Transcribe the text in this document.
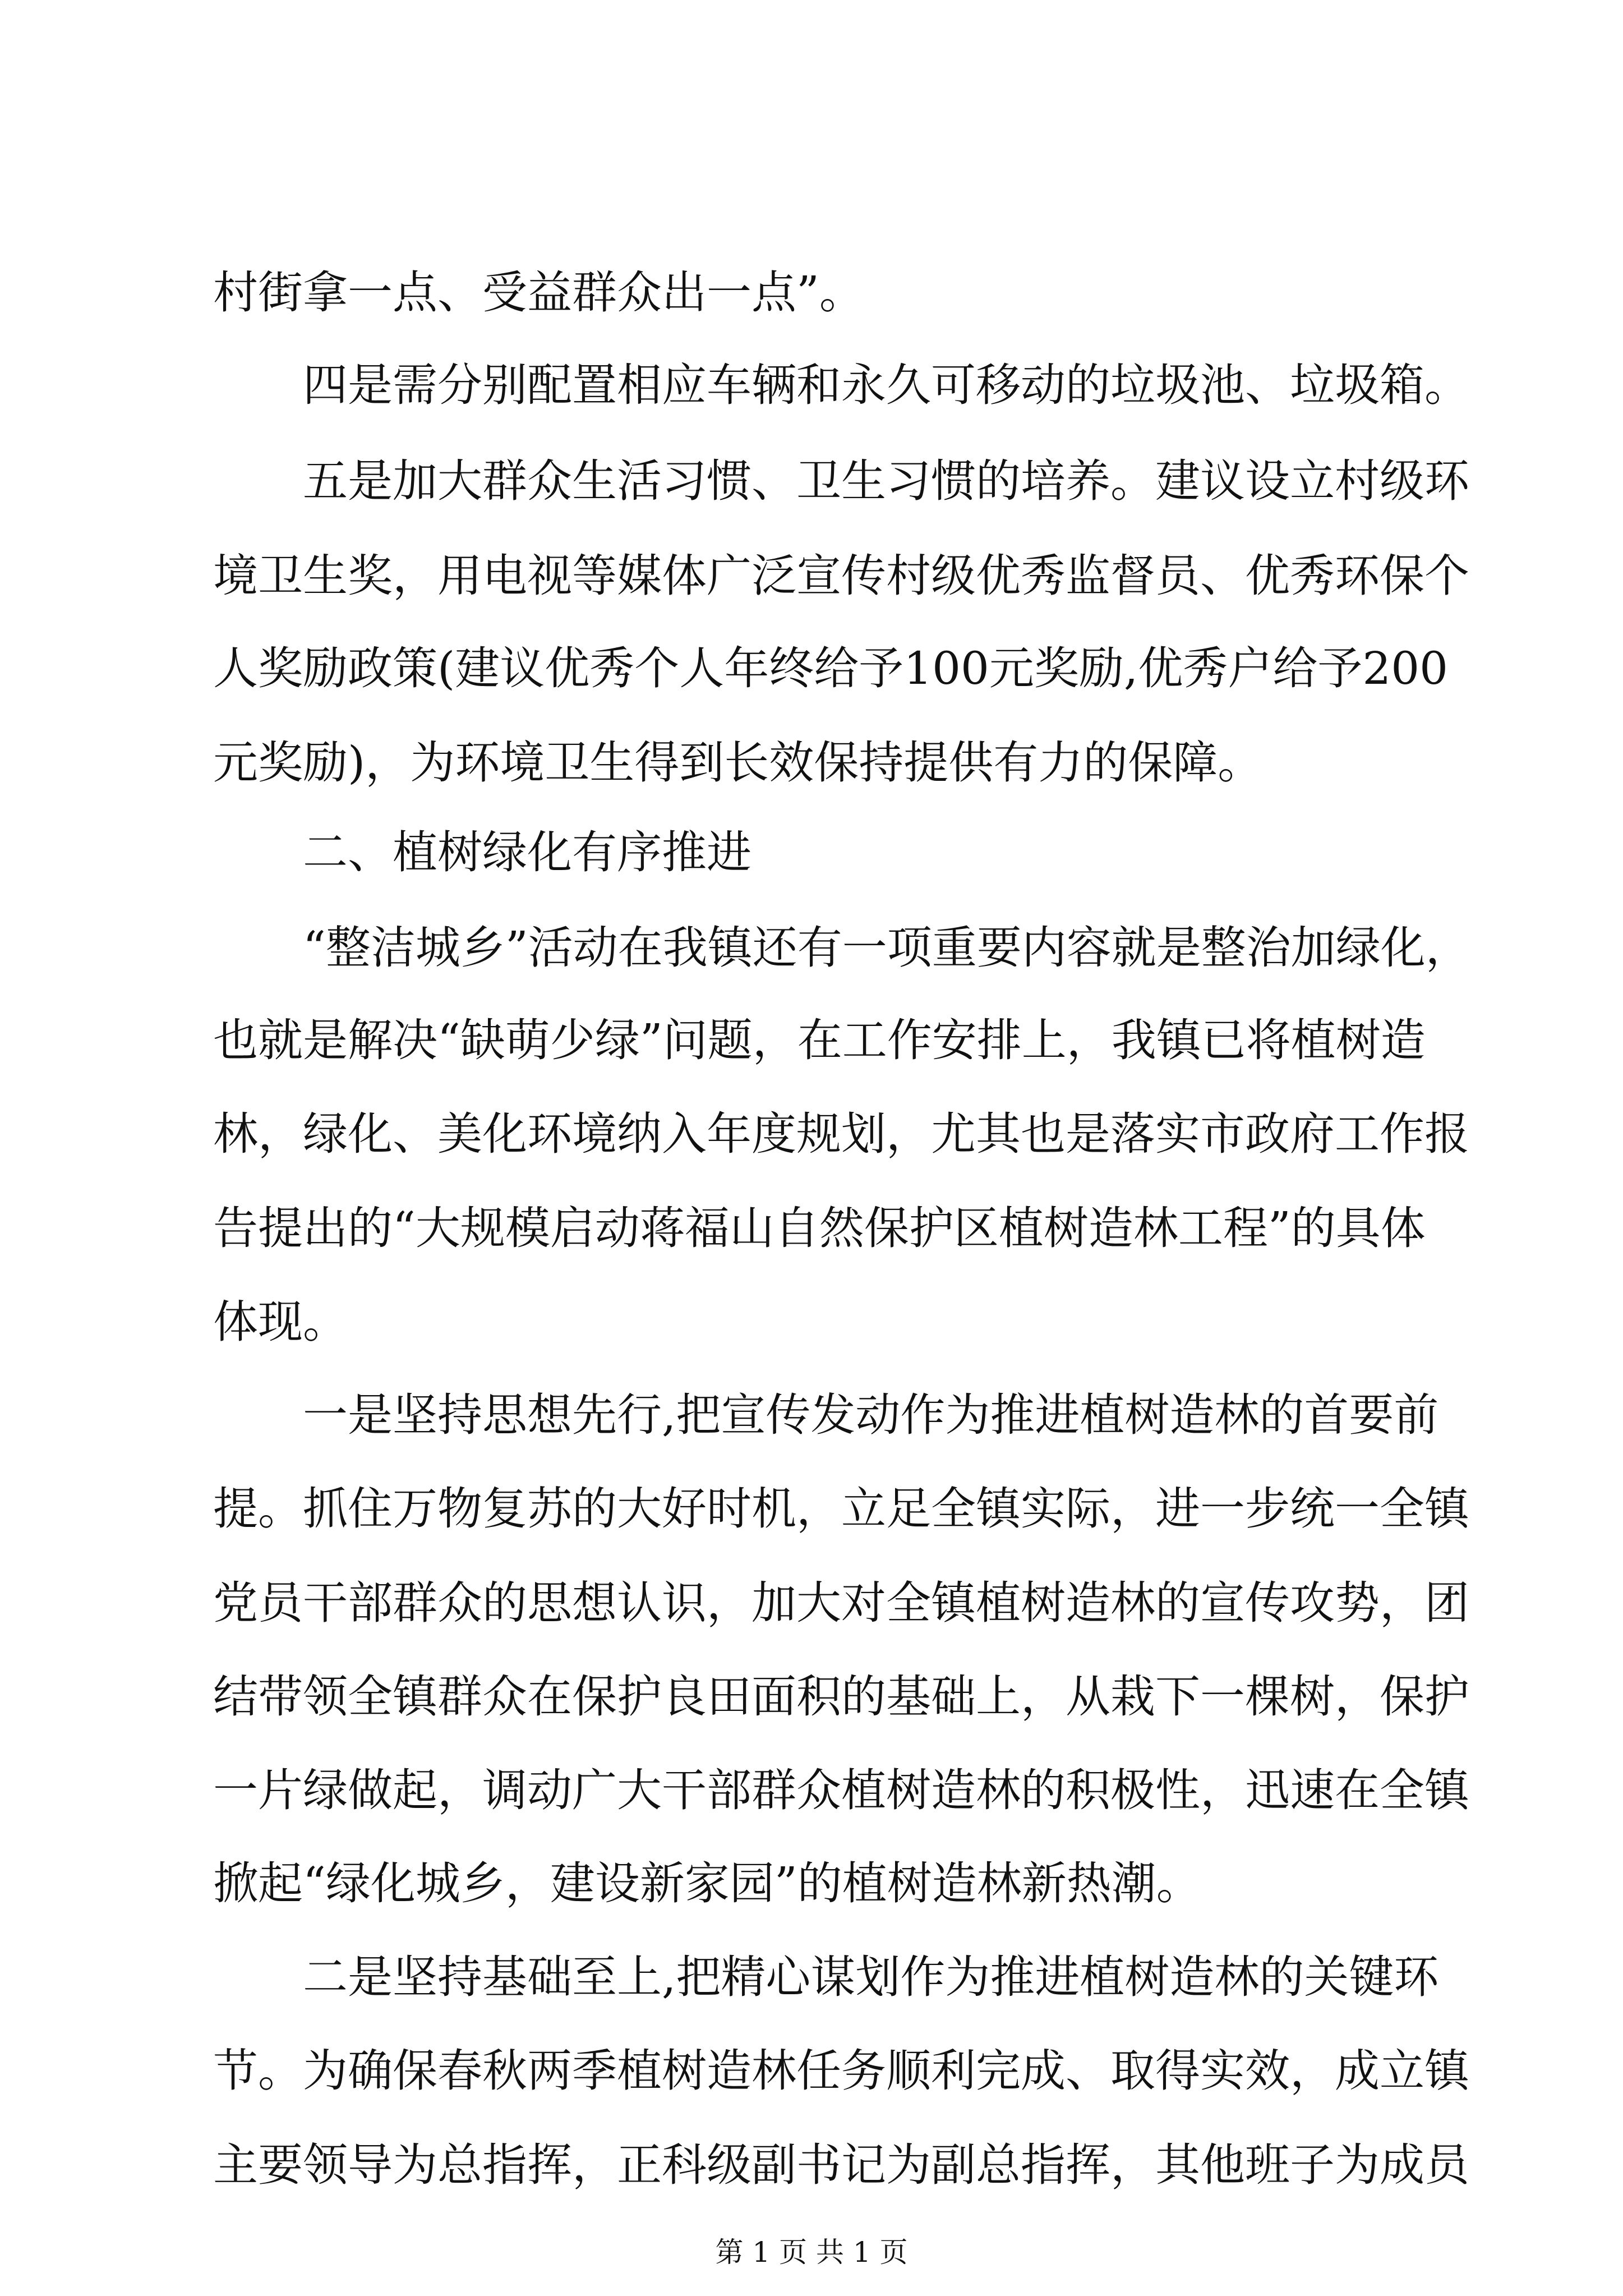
村街拿一点、受益群众出一点”。
四是需分别配置相应车辆和永久可移动的垃圾池、垃圾箱。
五是加大群众生活习惯、卫生习惯的培养。建议设立村级环
境卫生奖，用电视等媒体广泛宣传村级优秀监督员、优秀环保个
人奖励政策(建议优秀个人年终给予100元奖励,优秀户给予200
元奖励)，为环境卫生得到长效保持提供有力的保障。
二、植树绿化有序推进
“整洁城乡”活动在我镇还有一项重要内容就是整治加绿化，
也就是解决“缺萌少绿”问题，在工作安排上，我镇已将植树造
林，绿化、美化环境纳入年度规划，尤其也是落实市政府工作报
告提出的“大规模启动蒋福山自然保护区植树造林工程”的具体
体现。
一是坚持思想先行,把宣传发动作为推进植树造林的首要前
提。抓住万物复苏的大好时机，立足全镇实际，进一步统一全镇
党员干部群众的思想认识，加大对全镇植树造林的宣传攻势，团
结带领全镇群众在保护良田面积的基础上，从栽下一棵树，保护
一片绿做起，调动广大干部群众植树造林的积极性，迅速在全镇
掀起“绿化城乡，建设新家园”的植树造林新热潮。
二是坚持基础至上,把精心谋划作为推进植树造林的关键环
节。为确保春秋两季植树造林任务顺利完成、取得实效，成立镇
主要领导为总指挥，正科级副书记为副总指挥，其他班子为成员
第 1 页 共 1 页
